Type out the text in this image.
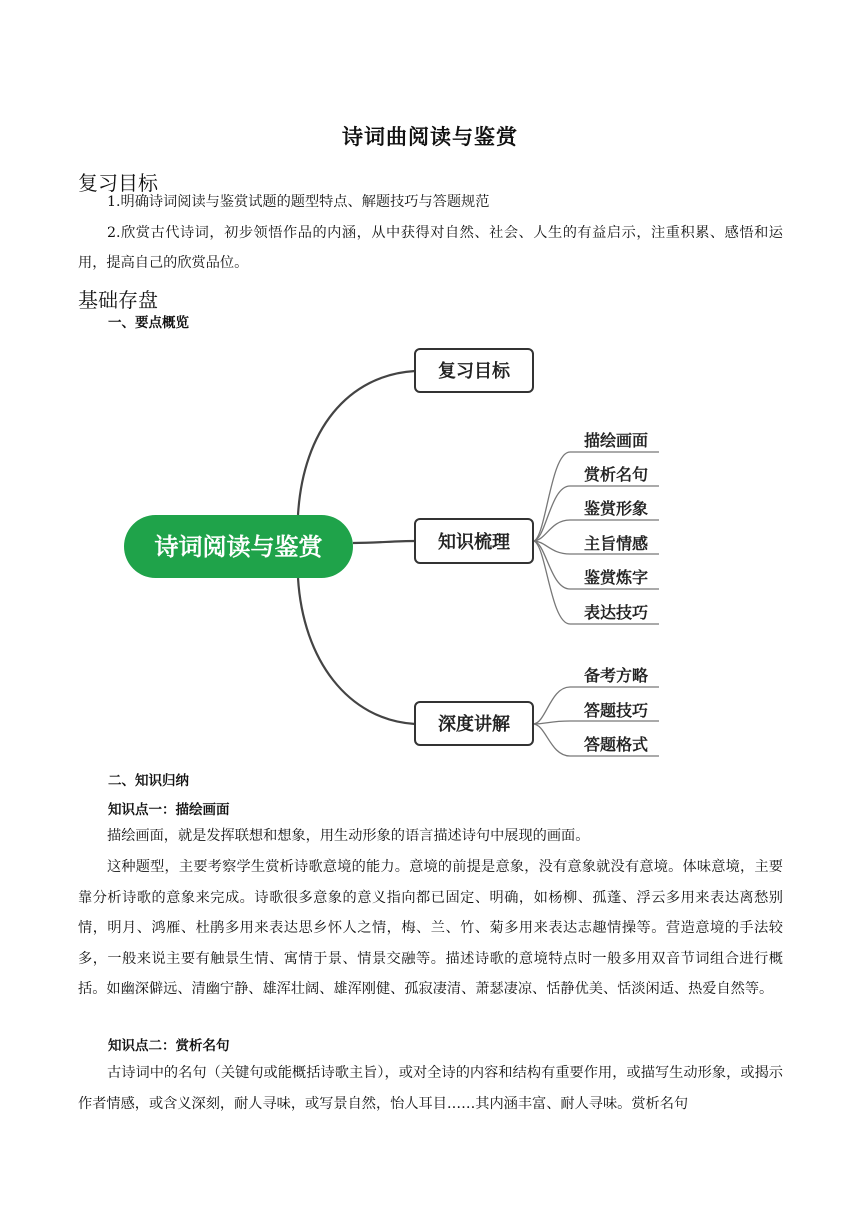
诗词曲阅读与鉴赏
复习目标

1.明确诗词阅读与鉴赏试题的题型特点、解题技巧与答题规范

2.欣赏古代诗词，初步领悟作品的内涵，从中获得对自然、社会、人生的有益启示，注重积累、感悟和运用，提高自己的欣赏品位。

基础存盘
一、要点概览
诗词阅读与鉴赏
复习目标
知识梳理
深度讲解
描绘画面
赏析名句
鉴赏形象
主旨情感
鉴赏炼字
表达技巧
备考方略
答题技巧
答题格式
二、知识归纳
知识点一：描绘画面

描绘画面，就是发挥联想和想象，用生动形象的语言描述诗句中展现的画面。

这种题型，主要考察学生赏析诗歌意境的能力。意境的前提是意象，没有意象就没有意境。体味意境，主要靠分析诗歌的意象来完成。诗歌很多意象的意义指向都已固定、明确，如杨柳、孤蓬、浮云多用来表达离愁别情，明月、鸿雁、杜鹃多用来表达思乡怀人之情，梅、兰、竹、菊多用来表达志趣情操等。营造意境的手法较多，一般来说主要有触景生情、寓情于景、情景交融等。描述诗歌的意境特点时一般多用双音节词组合进行概括。如幽深僻远、清幽宁静、雄浑壮阔、雄浑刚健、孤寂凄清、萧瑟凄凉、恬静优美、恬淡闲适、热爱自然等。

知识点二：赏析名句

古诗词中的名句（关键句或能概括诗歌主旨），或对全诗的内容和结构有重要作用，或描写生动形象，或揭示作者情感，或含义深刻，耐人寻味，或写景自然，怡人耳目……其内涵丰富、耐人寻味。赏析名句
